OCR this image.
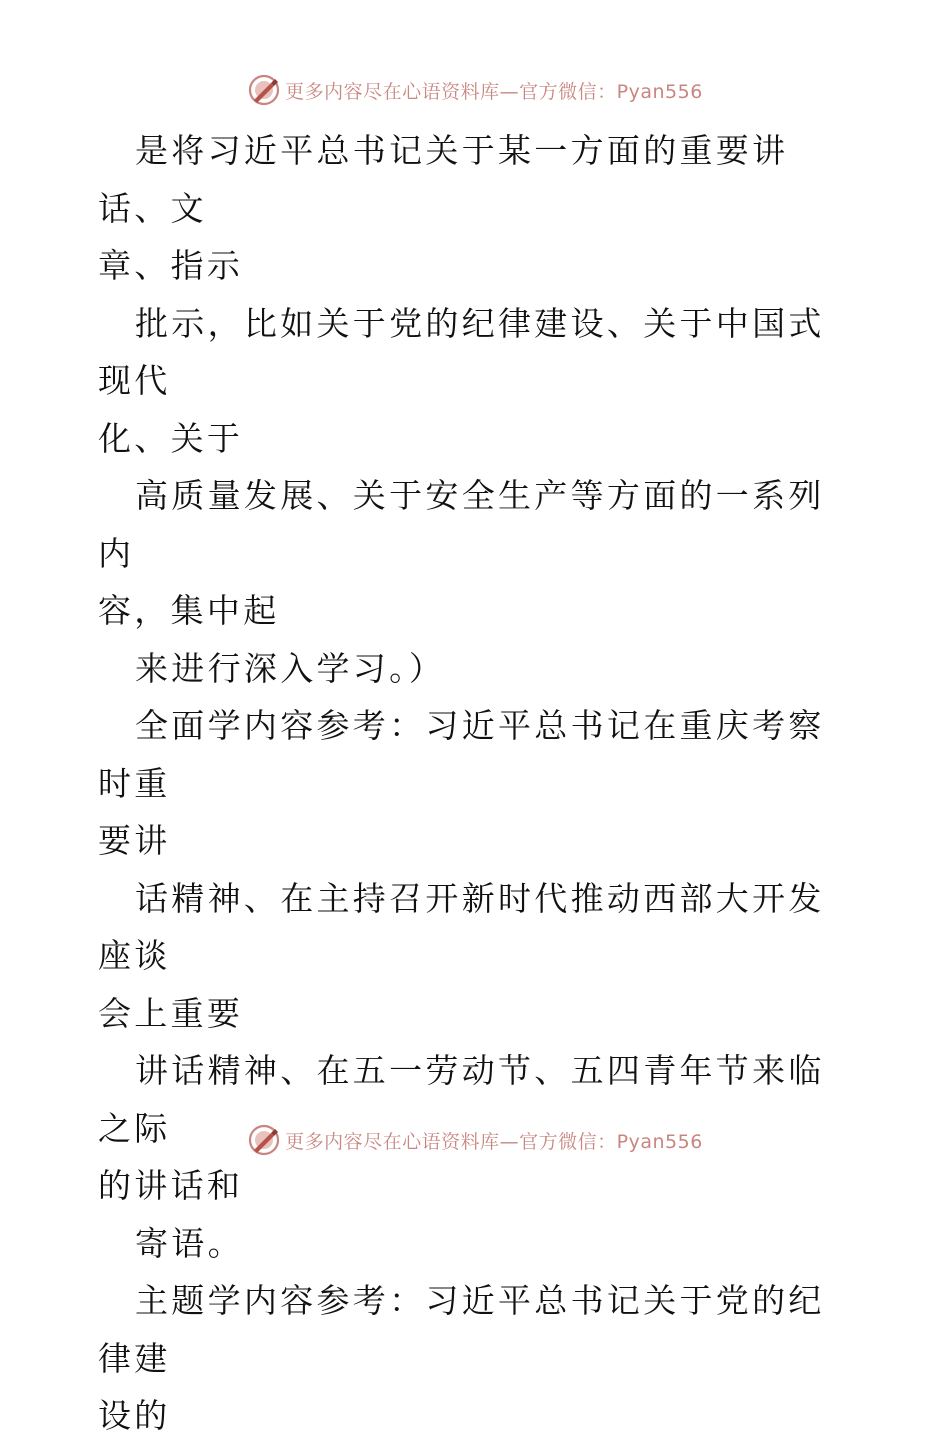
更多内容尽在心语资料库—官方微信：Pyan556

是将习近平总书记关于某一方面的重要讲话、文

章、指示

批示，比如关于党的纪律建设、关于中国式现代

化、关于

高质量发展、关于安全生产等方面的一系列内

容，集中起

来进行深入学习。）

全面学内容参考：习近平总书记在重庆考察时重

要讲

话精神、在主持召开新时代推动西部大开发座谈

会上重要

讲话精神、在五一劳动节、五四青年节来临之际

的讲话和

寄语。

主题学内容参考：习近平总书记关于党的纪律建

设的

更多内容尽在心语资料库—官方微信：Pyan556
